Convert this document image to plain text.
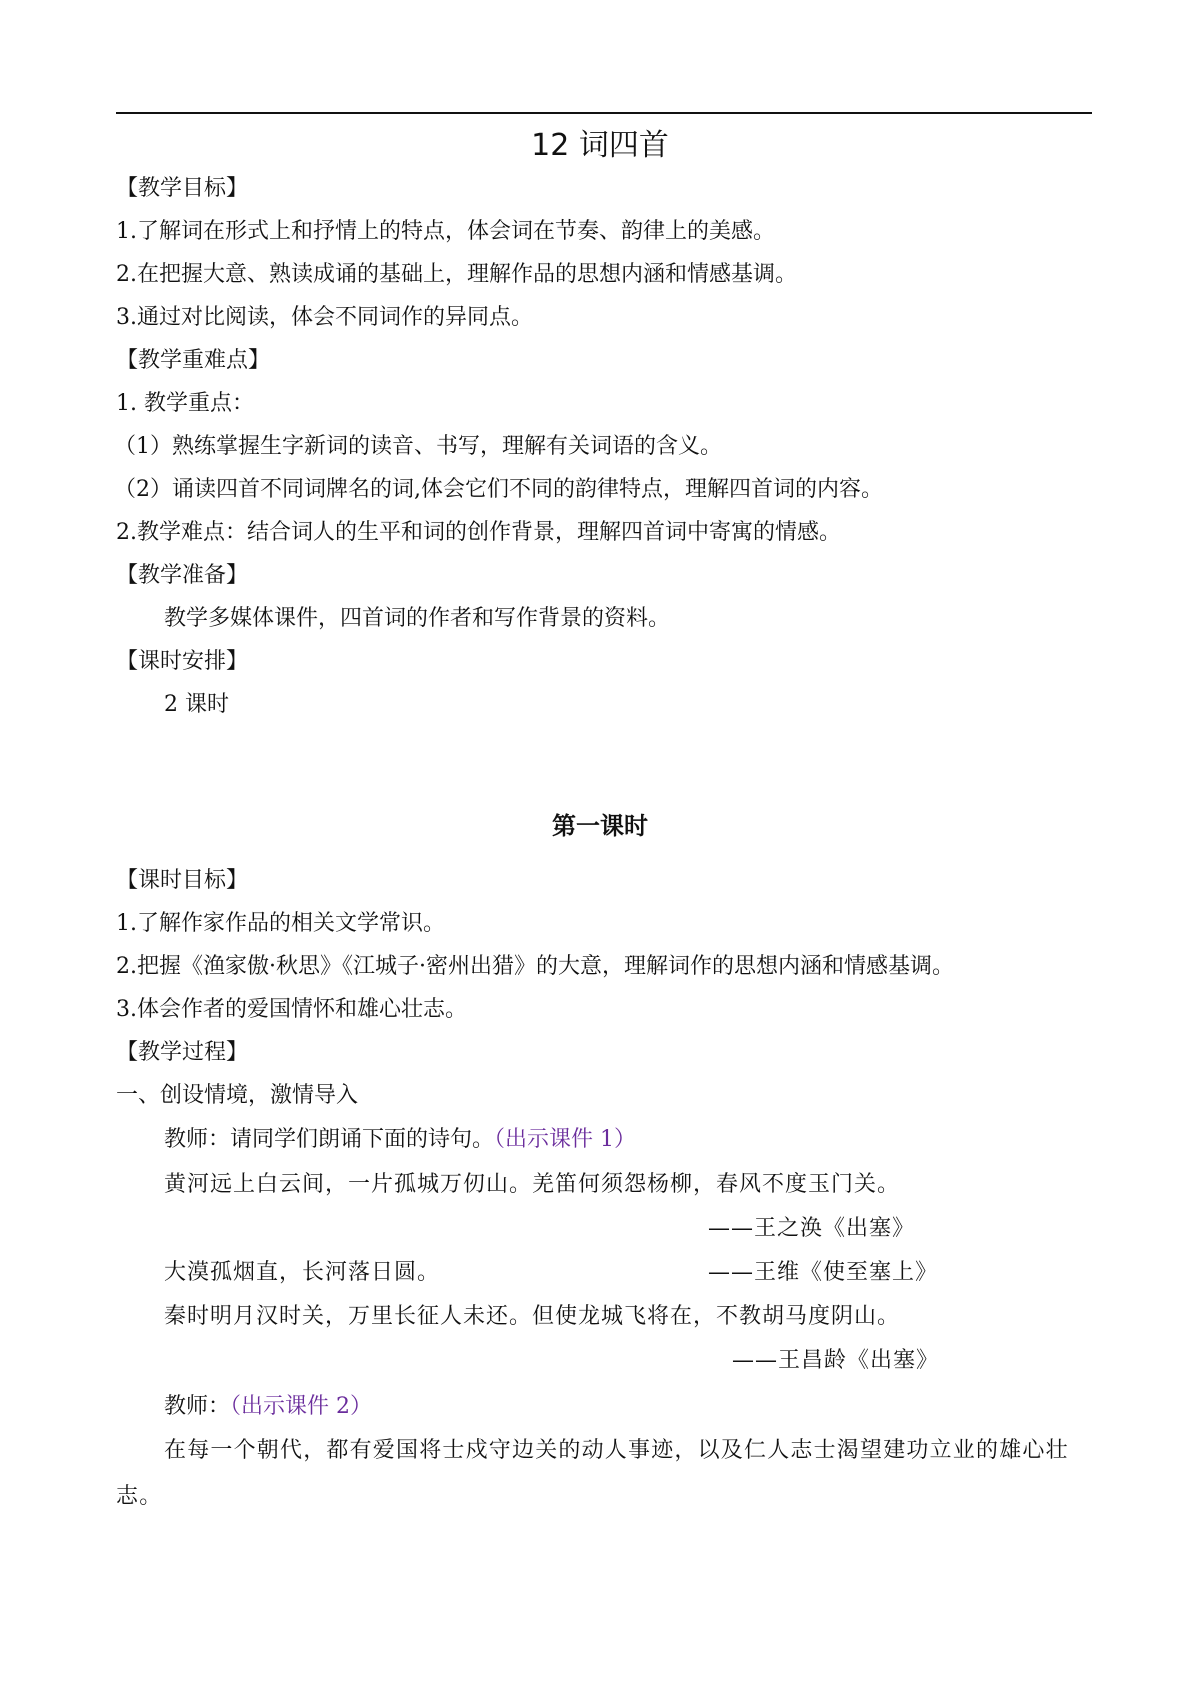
12 词四首
【教学目标】
1.了解词在形式上和抒情上的特点，体会词在节奏、韵律上的美感。
2.在把握大意、熟读成诵的基础上，理解作品的思想内涵和情感基调。
3.通过对比阅读，体会不同词作的异同点。
【教学重难点】
1. 教学重点：
（1）熟练掌握生字新词的读音、书写，理解有关词语的含义。
（2）诵读四首不同词牌名的词,体会它们不同的韵律特点，理解四首词的内容。
2.教学难点：结合词人的生平和词的创作背景，理解四首词中寄寓的情感。
【教学准备】
教学多媒体课件，四首词的作者和写作背景的资料。
【课时安排】
2 课时
第一课时
【课时目标】
1.了解作家作品的相关文学常识。
2.把握《渔家傲·秋思》《江城子·密州出猎》的大意，理解词作的思想内涵和情感基调。
3.体会作者的爱国情怀和雄心壮志。
【教学过程】
一、创设情境，激情导入
教师：请同学们朗诵下面的诗句。（出示课件 1）
黄河远上白云间，一片孤城万仞山。羌笛何须怨杨柳，春风不度玉门关。
——王之涣《出塞》
大漠孤烟直，长河落日圆。	——王维《使至塞上》
秦时明月汉时关，万里长征人未还。但使龙城飞将在，不教胡马度阴山。
——王昌龄《出塞》
教师：（出示课件 2）
在每一个朝代，都有爱国将士戍守边关的动人事迹，以及仁人志士渴望建功立业的雄心壮志。
